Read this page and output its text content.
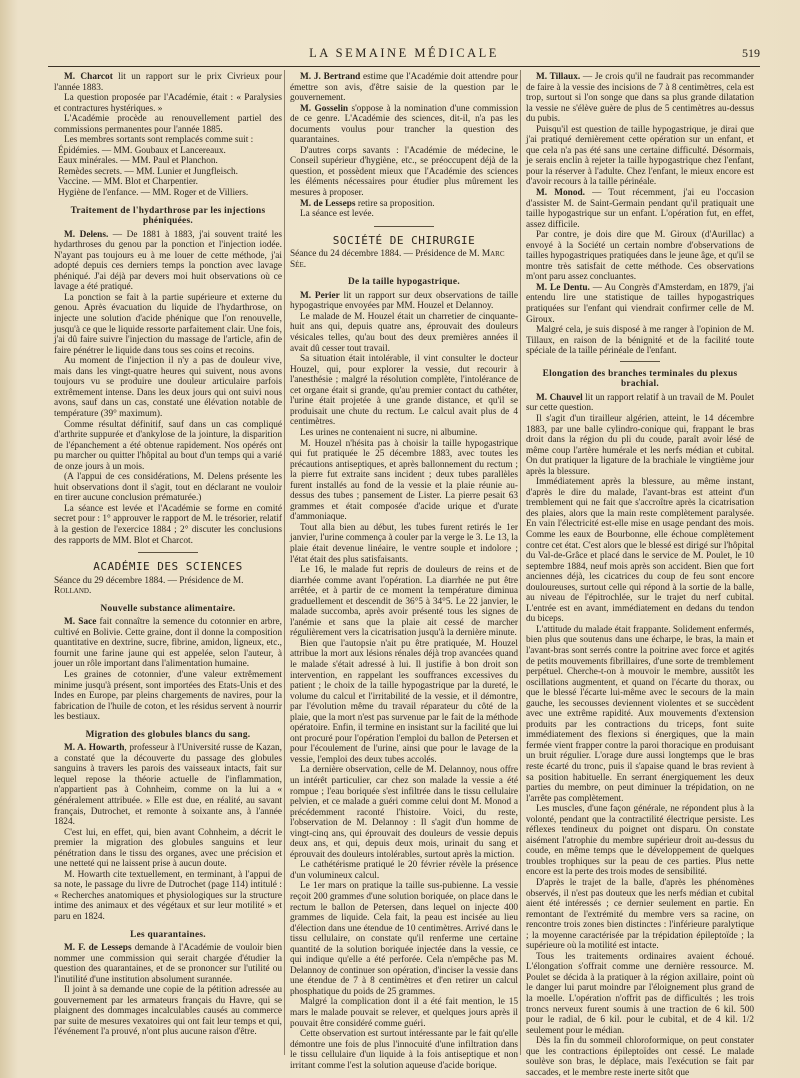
LA SEMAINE MÉDICALE	519

M. Charcot lit un rapport sur le prix Civrieux pour l'année 1883.

La question proposée par l'Académie, était : « Paralysies et contractures hystériques. »

L'Académie procède au renouvellement partiel des commissions permanentes pour l'année 1885.

Les membres sortants sont remplacés comme suit :

Épidémies. — MM. Goubaux et Lancereaux.
Eaux minérales. — MM. Paul et Planchon.
Remèdes secrets. — MM. Lunier et Jungfleisch.
Vaccine. — MM. Blot et Charpentier.
Hygiène de l'enfance. — MM. Roger et de Villiers.
Traitement de l'hydarthrose par les injections phéniquées.

M. Delens. — De 1881 à 1883, j'ai souvent traité les hydarthroses du genou par la ponction et l'injection iodée. N'ayant pas toujours eu à me louer de cette méthode, j'ai adopté depuis ces derniers temps la ponction avec lavage phéniqué. J'ai déjà par devers moi huit observations où ce lavage a été pratiqué.

La ponction se fait à la partie supérieure et externe du genou. Après évacuation du liquide de l'hydarthrose, on injecte une solution d'acide phénique que l'on renouvelle, jusqu'à ce que le liquide ressorte parfaitement clair. Une fois, j'ai dû faire suivre l'injection du massage de l'article, afin de faire pénétrer le liquide dans tous ses coins et recoins.

Au moment de l'injection il n'y a pas de douleur vive, mais dans les vingt-quatre heures qui suivent, nous avons toujours vu se produire une douleur articulaire parfois extrêmement intense. Dans les deux jours qui ont suivi nous avons, sauf dans un cas, constaté une élévation notable de température (39° maximum).

Comme résultat définitif, sauf dans un cas compliqué d'arthrite suppurée et d'ankylose de la jointure, la disparition de l'épanchement a été obtenue rapidement. Nos opérés ont pu marcher ou quitter l'hôpital au bout d'un temps qui a varié de onze jours à un mois.

(A l'appui de ces considérations, M. Delens présente les huit observations dont il s'agit, tout en déclarant ne vouloir en tirer aucune conclusion prématurée.)

La séance est levée et l'Académie se forme en comité secret pour : 1° approuver le rapport de M. le trésorier, relatif à la gestion de l'exercice 1884 ; 2° discuter les conclusions des rapports de MM. Blot et Charcot.

ACADÉMIE DES SCIENCES
Séance du 29 décembre 1884. — Présidence de M. Rolland.
Nouvelle substance alimentaire.

M. Sace fait connaître la semence du cotonnier en arbre, cultivé en Bolivie. Cette graine, dont il donne la composition quantitative en dextrine, sucre, fibrine, amidon, ligneux, etc., fournit une farine jaune qui est appelée, selon l'auteur, à jouer un rôle important dans l'alimentation humaine.

Les graines de cotonnier, d'une valeur extrêmement minime jusqu'à présent, sont importées des Etats-Unis et des Indes en Europe, par pleins chargements de navires, pour la fabrication de l'huile de coton, et les résidus servent à nourrir les bestiaux.

Migration des globules blancs du sang.

M. A. Howarth, professeur à l'Université russe de Kazan, a constaté que la découverte du passage des globules sanguins à travers les parois des vaisseaux intacts, fait sur lequel repose la théorie actuelle de l'inflammation, n'appartient pas à Cohnheim, comme on la lui a « généralement attribuée. » Elle est due, en réalité, au savant français, Dutrochet, et remonte à soixante ans, à l'année 1824.

C'est lui, en effet, qui, bien avant Cohnheim, a décrit le premier la migration des globules sanguins et leur pénétration dans le tissu des organes, avec une précision et une netteté qui ne laissent prise à aucun doute.

M. Howarth cite textuellement, en terminant, à l'appui de sa note, le passage du livre de Dutrochet (page 114) intitulé : « Recherches anatomiques et physiologiques sur la structure intime des animaux et des végétaux et sur leur motilité » et paru en 1824.

Les quarantaines.

M. F. de Lesseps demande à l'Académie de vouloir bien nommer une commission qui serait chargée d'étudier la question des quarantaines, et de se prononcer sur l'utilité ou l'inutilité d'une institution absolument surannée.

Il joint à sa demande une copie de la pétition adressée au gouvernement par les armateurs français du Havre, qui se plaignent des dommages incalculables causés au commerce par suite de mesures vexatoires qui ont fait leur temps et qui, l'événement l'a prouvé, n'ont plus aucune raison d'être.

M. J. Bertrand estime que l'Académie doit attendre pour émettre son avis, d'être saisie de la question par le gouvernement.

M. Gosselin s'oppose à la nomination d'une commission de ce genre. L'Académie des sciences, dit-il, n'a pas les documents voulus pour trancher la question des quarantaines.

D'autres corps savants : l'Académie de médecine, le Conseil supérieur d'hygiène, etc., se préoccupent déjà de la question, et possèdent mieux que l'Académie des sciences les éléments nécessaires pour étudier plus mûrement les mesures à proposer.

M. de Lesseps retire sa proposition.

La séance est levée.

SOCIÉTÉ DE CHIRURGIE
Séance du 24 décembre 1884. — Présidence de M. Marc Sée.
De la taille hypogastrique.

M. Perier lit un rapport sur deux observations de taille hypogastrique envoyées par MM. Houzel et Delannoy.

Le malade de M. Houzel était un charretier de cinquante-huit ans qui, depuis quatre ans, éprouvait des douleurs vésicales telles, qu'au bout des deux premières années il avait dû cesser tout travail.

Sa situation était intolérable, il vint consulter le docteur Houzel, qui, pour explorer la vessie, dut recourir à l'anesthésie ; malgré la résolution complète, l'intolérance de cet organe était si grande, qu'au premier contact du cathéter, l'urine était projetée à une grande distance, et qu'il se produisait une chute du rectum. Le calcul avait plus de 4 centimètres.

Les urines ne contenaient ni sucre, ni albumine.

M. Houzel n'hésita pas à choisir la taille hypogastrique qui fut pratiquée le 25 décembre 1883, avec toutes les précautions antiseptiques, et après ballonnement du rectum ; la pierre fut extraite sans incident ; deux tubes parallèles furent installés au fond de la vessie et la plaie réunie au-dessus des tubes ; pansement de Lister. La pierre pesait 63 grammes et était composée d'acide urique et d'urate d'ammoniaque.

Tout alla bien au début, les tubes furent retirés le 1er janvier, l'urine commença à couler par la verge le 3. Le 13, la plaie était devenue linéaire, le ventre souple et indolore ; l'état était des plus satisfaisants.

Le 16, le malade fut repris de douleurs de reins et de diarrhée comme avant l'opération. La diarrhée ne put être arrêtée, et à partir de ce moment la température diminua graduellement et descendit de 36°5 à 34°5. Le 22 janvier, le malade succomba, après avoir présenté tous les signes de l'anémie et sans que la plaie ait cessé de marcher régulièrement vers la cicatrisation jusqu'à la dernière minute.

Bien que l'autopsie n'ait pu être pratiquée, M. Houzel attribue la mort aux lésions rénales déjà trop avancées quand le malade s'était adressé à lui. Il justifie à bon droit son intervention, en rappelant les souffrances excessives du patient ; le choix de la taille hypogastrique par la dureté, le volume du calcul et l'irritabilité de la vessie, et il démontre, par l'évolution même du travail réparateur du côté de la plaie, que la mort n'est pas survenue par le fait de la méthode opératoire. Enfin, il termine en insistant sur la facilité que lui ont procuré pour l'opération l'emploi du ballon de Petersen et pour l'écoulement de l'urine, ainsi que pour le lavage de la vessie, l'emploi des deux tubes accolés.

La dernière observation, celle de M. Delannoy, nous offre un intérêt particulier, car chez son malade la vessie a été rompue ; l'eau boriquée s'est infiltrée dans le tissu cellulaire pelvien, et ce malade a guéri comme celui dont M. Monod a précédemment raconté l'histoire. Voici, du reste, l'observation de M. Delannoy : Il s'agit d'un homme de vingt-cinq ans, qui éprouvait des douleurs de vessie depuis deux ans, et qui, depuis deux mois, urinait du sang et éprouvait des douleurs intolérables, surtout après la miction.

Le cathétérisme pratiqué le 20 février révèle la présence d'un volumineux calcul.

Le 1er mars on pratique la taille sus-pubienne. La vessie reçoit 200 grammes d'une solution boriquée, on place dans le rectum le ballon de Petersen, dans lequel on injecte 400 grammes de liquide. Cela fait, la peau est incisée au lieu d'élection dans une étendue de 10 centimètres. Arrivé dans le tissu cellulaire, on constate qu'il renferme une certaine quantité de la solution boriquée injectée dans la vessie, ce qui indique qu'elle a été perforée. Cela n'empêche pas M. Delannoy de continuer son opération, d'inciser la vessie dans une étendue de 7 à 8 centimètres et d'en retirer un calcul phosphatique du poids de 25 grammes.

Malgré la complication dont il a été fait mention, le 15 mars le malade pouvait se relever, et quelques jours après il pouvait être considéré comme guéri.

Cette observation est surtout intéressante par le fait qu'elle démontre une fois de plus l'innocuité d'une infiltration dans le tissu cellulaire d'un liquide à la fois antiseptique et non irritant comme l'est la solution aqueuse d'acide borique.

M. Tillaux. — Je crois qu'il ne faudrait pas recommander de faire à la vessie des incisions de 7 à 8 centimètres, cela est trop, surtout si l'on songe que dans sa plus grande dilatation la vessie ne s'élève guère de plus de 5 centimètres au-dessus du pubis.

Puisqu'il est question de taille hypogastrique, je dirai que j'ai pratiqué dernièrement cette opération sur un enfant, et que cela n'a pas été sans une certaine difficulté. Désormais, je serais enclin à rejeter la taille hypogastrique chez l'enfant, pour la réserver à l'adulte. Chez l'enfant, le mieux encore est d'avoir recours à la taille périnéale.

M. Monod. — Tout récemment, j'ai eu l'occasion d'assister M. de Saint-Germain pendant qu'il pratiquait une taille hypogastrique sur un enfant. L'opération fut, en effet, assez difficile.

Par contre, je dois dire que M. Giroux (d'Aurillac) a envoyé à la Société un certain nombre d'observations de tailles hypogastriques pratiquées dans le jeune âge, et qu'il se montre très satisfait de cette méthode. Ces observations m'ont paru assez concluantes.

M. Le Dentu. — Au Congrès d'Amsterdam, en 1879, j'ai entendu lire une statistique de tailles hypogastriques pratiquées sur l'enfant qui viendrait confirmer celle de M. Giroux.

Malgré cela, je suis disposé à me ranger à l'opinion de M. Tillaux, en raison de la bénignité et de la facilité toute spéciale de la taille périnéale de l'enfant.

Elongation des branches terminales du plexus brachial.

M. Chauvel lit un rapport relatif à un travail de M. Poulet sur cette question.

Il s'agit d'un tirailleur algérien, atteint, le 14 décembre 1883, par une balle cylindro-conique qui, frappant le bras droit dans la région du pli du coude, paraît avoir lésé de même coup l'artère humérale et les nerfs médian et cubital. On dut pratiquer la ligature de la brachiale le vingtième jour après la blessure.

Immédiatement après la blessure, au même instant, d'après le dire du malade, l'avant-bras est atteint d'un tremblement qui ne fait que s'accroître après la cicatrisation des plaies, alors que la main reste complètement paralysée. En vain l'électricité est-elle mise en usage pendant des mois. Comme les eaux de Bourbonne, elle échoue complètement contre cet état. C'est alors que le blessé est dirigé sur l'hôpital du Val-de-Grâce et placé dans le service de M. Poulet, le 10 septembre 1884, neuf mois après son accident. Bien que fort anciennes déjà, les cicatrices du coup de feu sont encore douloureuses, surtout celle qui répond à la sortie de la balle, au niveau de l'épitrochlée, sur le trajet du nerf cubital. L'entrée est en avant, immédiatement en dedans du tendon du biceps.

L'attitude du malade était frappante. Solidement enfermés, bien plus que soutenus dans une écharpe, le bras, la main et l'avant-bras sont serrés contre la poitrine avec force et agités de petits mouvements fibrillaires, d'une sorte de tremblement perpétuel. Cherche-t-on à mouvoir le membre, aussitôt les oscillations augmentent, et quand on l'écarte du thorax, ou que le blessé l'écarte lui-même avec le secours de la main gauche, les secousses deviennent violentes et se succèdent avec une extrême rapidité. Aux mouvements d'extension produits par les contractions du triceps, font suite immédiatement des flexions si énergiques, que la main fermée vient frapper contre la paroi thoracique en produisant un bruit régulier. L'orage dure aussi longtemps que le bras reste écarté du tronc, puis il s'apaise quand le bras revient à sa position habituelle. En serrant énergiquement les deux parties du membre, on peut diminuer la trépidation, on ne l'arrête pas complètement.

Les muscles, d'une façon générale, ne répondent plus à la volonté, pendant que la contractilité électrique persiste. Les réflexes tendineux du poignet ont disparu. On constate aisément l'atrophie du membre supérieur droit au-dessus du coude, en même temps que le développement de quelques troubles trophiques sur la peau de ces parties. Plus nette encore est la perte des trois modes de sensibilité.

D'après le trajet de la balle, d'après les phénomènes observés, il n'est pas douteux que les nerfs médian et cubital aient été intéressés ; ce dernier seulement en partie. En remontant de l'extrémité du membre vers sa racine, on rencontre trois zones bien distinctes : l'inférieure paralytique ; la moyenne caractérisée par la trépidation épileptoïde ; la supérieure où la motilité est intacte.

Tous les traitements ordinaires avaient échoué. L'élongation s'offrait comme une dernière ressource. M. Poulet se décida à la pratiquer à la région axillaire, point où le danger lui parut moindre par l'éloignement plus grand de la moelle. L'opération n'offrit pas de difficultés ; les trois troncs nerveux furent soumis à une traction de 6 kil. 500 pour le radial, de 6 kil. pour le cubital, et de 4 kil. 1/2 seulement pour le médian.

Dès la fin du sommeil chloroformique, on peut constater que les contractions épileptoïdes ont cessé. Le malade soulève son bras, le déplace, mais l'exécution se fait par saccades, et le membre reste inerte sitôt que
